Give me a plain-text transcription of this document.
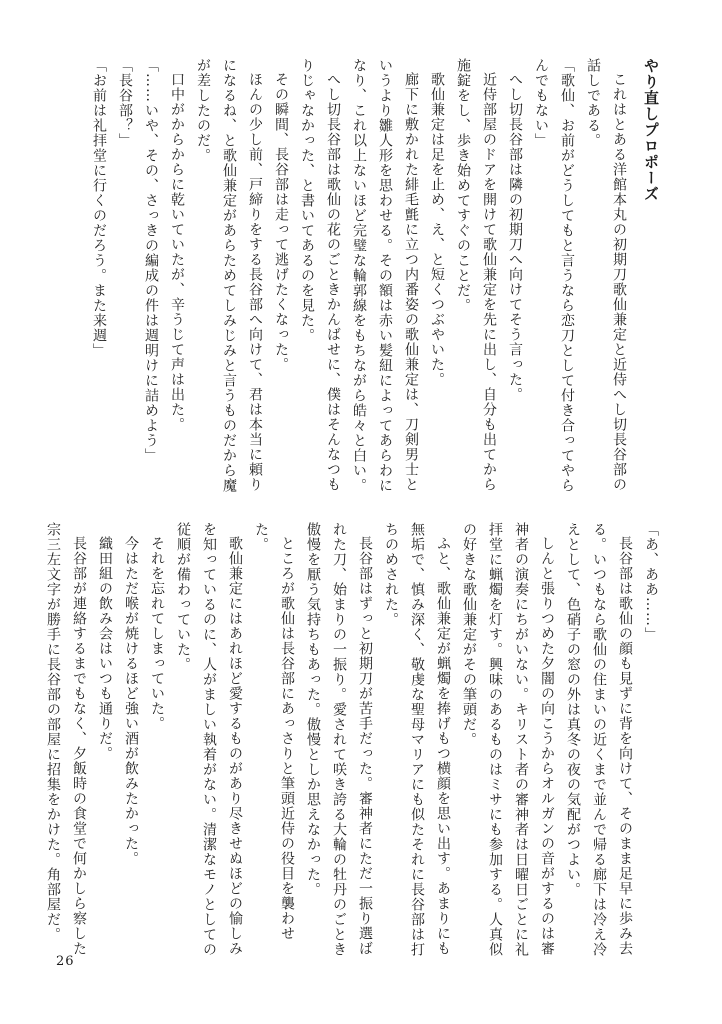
やり直しプロポーズ

これはとある洋館本丸の初期刀歌仙兼定と近侍へし切長谷部の話しである。

「歌仙、お前がどうしてもと言うなら恋刀として付き合ってやらんでもない」

へし切長谷部は隣の初期刀へ向けてそう言った。

近侍部屋のドアを開けて歌仙兼定を先に出し、自分も出てから施錠をし、歩き始めてすぐのことだ。

歌仙兼定は足を止め、え、と短くつぶやいた。

廊下に敷かれた緋毛氈に立つ内番姿の歌仙兼定は、刀剣男士というより雛人形を思わせる。その額は赤い髪紐によってあらわになり、これ以上ないほど完璧な輪郭線をもちながら皓々と白い。

へし切長谷部は歌仙の花のごときかんばせに、僕はそんなつもりじゃなかった、と書いてあるのを見た。

その瞬間、長谷部は走って逃げたくなった。

ほんの少し前、戸締りをする長谷部へ向けて、君は本当に頼りになるね、と歌仙兼定があらためてしみじみと言うものだから魔が差したのだ。

口中がからからに乾いていたが、辛うじて声は出た。

「……いや、その、さっきの編成の件は週明けに詰めよう」

「長谷部？」

「お前は礼拝堂に行くのだろう。また来週」

「あ、ああ……」

長谷部は歌仙の顔も見ずに背を向けて、そのまま足早に歩み去る。いつもなら歌仙の住まいの近くまで並んで帰る廊下は冷え冷えとして、色硝子の窓の外は真冬の夜の気配がつよい。

しんと張りつめた夕闇の向こうからオルガンの音がするのは審神者の演奏にちがいない。キリスト者の審神者は日曜日ごとに礼拝堂に蝋燭を灯す。興味のあるものはミサにも参加する。人真似の好きな歌仙兼定がその筆頭だ。

ふと、歌仙兼定が蝋燭を捧げもつ横顔を思い出す。あまりにも無垢で、慎み深く、敬虔な聖母マリアにも似たそれに長谷部は打ちのめされた。

長谷部はずっと初期刀が苦手だった。審神者にただ一振り選ばれた刀、始まりの一振り。愛されて咲き誇る大輪の牡丹のごとき傲慢を厭う気持ちもあった。傲慢としか思えなかった。

ところが歌仙は長谷部にあっさりと筆頭近侍の役目を襲わせた。

歌仙兼定にはあれほど愛するものがあり尽きせぬほどの愉しみを知っているのに、人がましい執着がない。清潔なモノとしての従順が備わっていた。

それを忘れてしまっていた。

今はただ喉が焼けるほど強い酒が飲みたかった。

織田組の飲み会はいつも通りだ。

長谷部が連絡するまでもなく、夕飯時の食堂で何かしら察した宗三左文字が勝手に長谷部の部屋に招集をかけた。角部屋だ。

26
